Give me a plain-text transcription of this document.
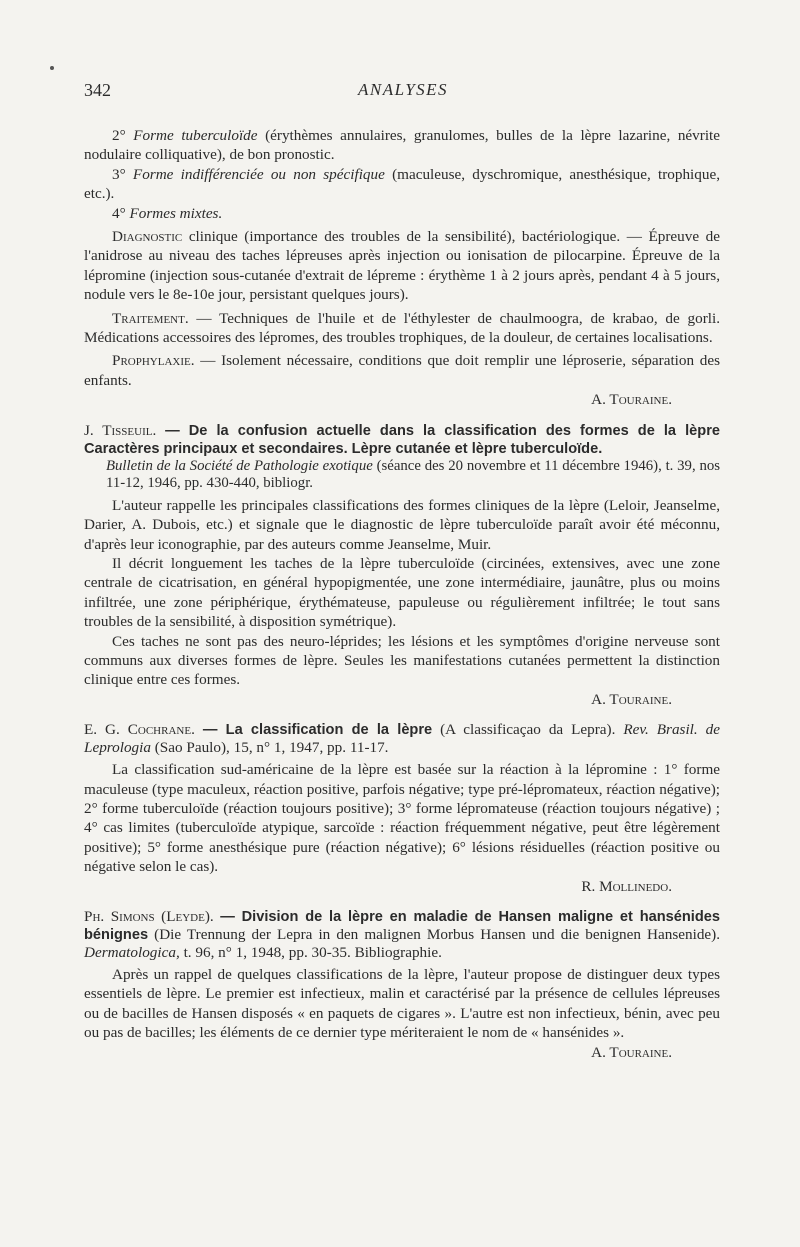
342	ANALYSES

2° Forme tuberculoïde (érythèmes annulaires, granulomes, bulles de la lèpre lazarine, névrite nodulaire colliquative), de bon pronostic.

3° Forme indifférenciée ou non spécifique (maculeuse, dyschromique, anesthésique, trophique, etc.).

4° Formes mixtes.

Diagnostic clinique (importance des troubles de la sensibilité), bactériologique. — Épreuve de l'anidrose au niveau des taches lépreuses après injection ou ionisation de pilocarpine. Épreuve de la lépromine (injection sous-cutanée d'extrait de lépreme : érythème 1 à 2 jours après, pendant 4 à 5 jours, nodule vers le 8e-10e jour, persistant quelques jours).

Traitement. — Techniques de l'huile et de l'éthylester de chaulmoogra, de krabao, de gorli. Médications accessoires des lépromes, des troubles trophiques, de la douleur, de certaines localisations.

Prophylaxie. — Isolement nécessaire, conditions que doit remplir une léproserie, séparation des enfants.

A. Touraine.

J. Tisseuil. — De la confusion actuelle dans la classification des formes de la lèpre Caractères principaux et secondaires. Lèpre cutanée et lèpre tuberculoïde.

Bulletin de la Société de Pathologie exotique (séance des 20 novembre et 11 décembre 1946), t. 39, nos 11-12, 1946, pp. 430-440, bibliogr.

L'auteur rappelle les principales classifications des formes cliniques de la lèpre (Leloir, Jeanselme, Darier, A. Dubois, etc.) et signale que le diagnostic de lèpre tuberculoïde paraît avoir été méconnu, d'après leur iconographie, par des auteurs comme Jeanselme, Muir.

Il décrit longuement les taches de la lèpre tuberculoïde (circinées, extensives, avec une zone centrale de cicatrisation, en général hypopigmentée, une zone intermédiaire, jaunâtre, plus ou moins infiltrée, une zone périphérique, érythémateuse, papuleuse ou régulièrement infiltrée; le tout sans troubles de la sensibilité, à disposition symétrique).

Ces taches ne sont pas des neuro-léprides; les lésions et les symptômes d'origine nerveuse sont communs aux diverses formes de lèpre. Seules les manifestations cutanées permettent la distinction clinique entre ces formes.

A. Touraine.

E. G. Cochrane. — La classification de la lèpre (A classificaçao da Lepra). Rev. Brasil. de Leprologia (Sao Paulo), 15, n° 1, 1947, pp. 11-17.

La classification sud-américaine de la lèpre est basée sur la réaction à la lépromine : 1° forme maculeuse (type maculeux, réaction positive, parfois négative; type pré-lépromateux, réaction négative); 2° forme tuberculoïde (réaction toujours positive); 3° forme lépromateuse (réaction toujours négative) ; 4° cas limites (tuberculoïde atypique, sarcoïde : réaction fréquemment négative, peut être légèrement positive); 5° forme anesthésique pure (réaction négative); 6° lésions résiduelles (réaction positive ou négative selon le cas).

R. Mollinedo.

Ph. Simons (Leyde). — Division de la lèpre en maladie de Hansen maligne et hansénides bénignes (Die Trennung der Lepra in den malignen Morbus Hansen und die benignen Hansenide). Dermatologica, t. 96, n° 1, 1948, pp. 30-35. Bibliographie.

Après un rappel de quelques classifications de la lèpre, l'auteur propose de distinguer deux types essentiels de lèpre. Le premier est infectieux, malin et caractérisé par la présence de cellules lépreuses ou de bacilles de Hansen disposés « en paquets de cigares ». L'autre est non infectieux, bénin, avec peu ou pas de bacilles; les éléments de ce dernier type mériteraient le nom de « hansénides ».

A. Touraine.
